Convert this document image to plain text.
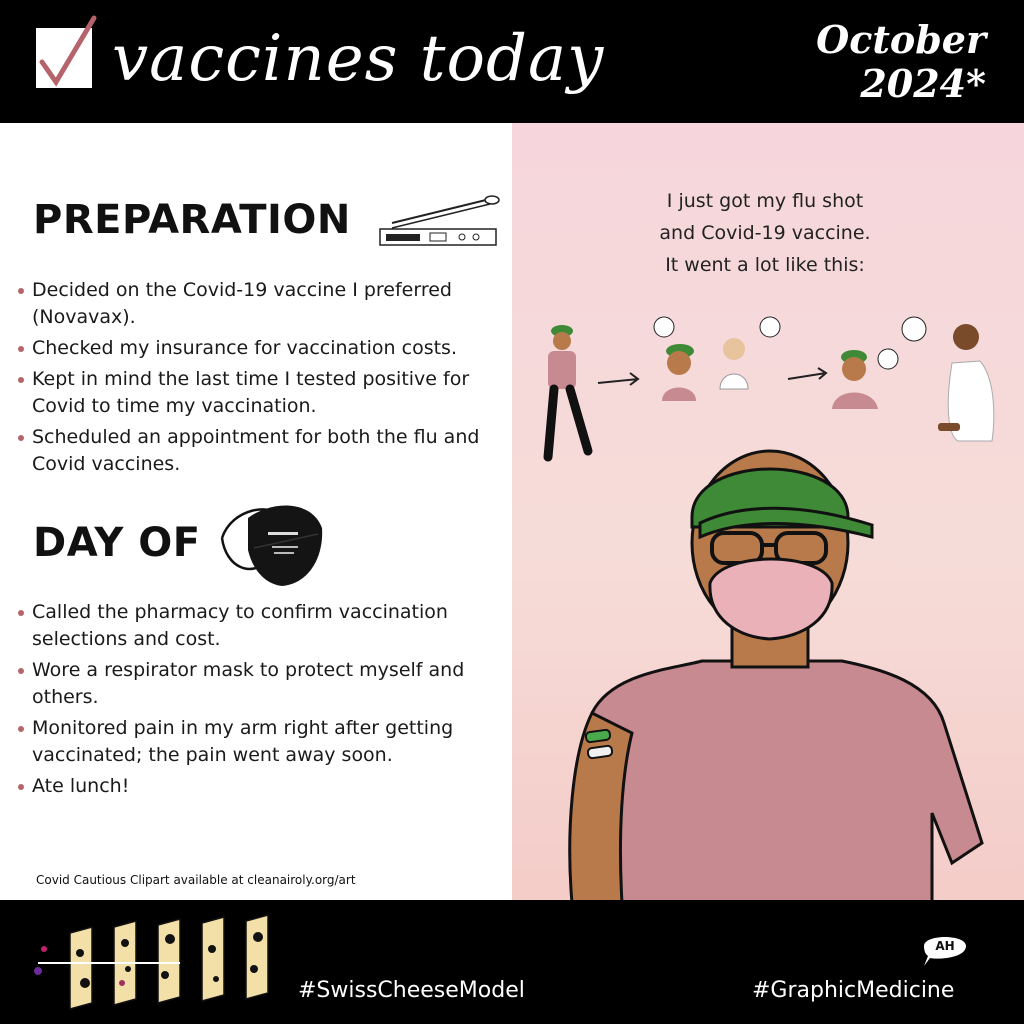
vaccines today	October
2024*
PREPARATION
Decided on the Covid-19 vaccine I preferred (Novavax).
Checked my insurance for vaccination costs.
Kept in mind the last time I tested positive for Covid to time my vaccination.
Scheduled an appointment for both the flu and Covid vaccines.
DAY OF
Called the pharmacy to confirm vaccination selections and cost.
Wore a respirator mask to protect myself and others.
Monitored pain in my arm right after getting vaccinated; the pain went away soon.
Ate lunch!
Covid Cautious Clipart available at cleanairoly.org/art
I just got my flu shot
and Covid-19 vaccine.
It went a lot like this:
#SwissCheeseModel	#GraphicMedicine
AH
